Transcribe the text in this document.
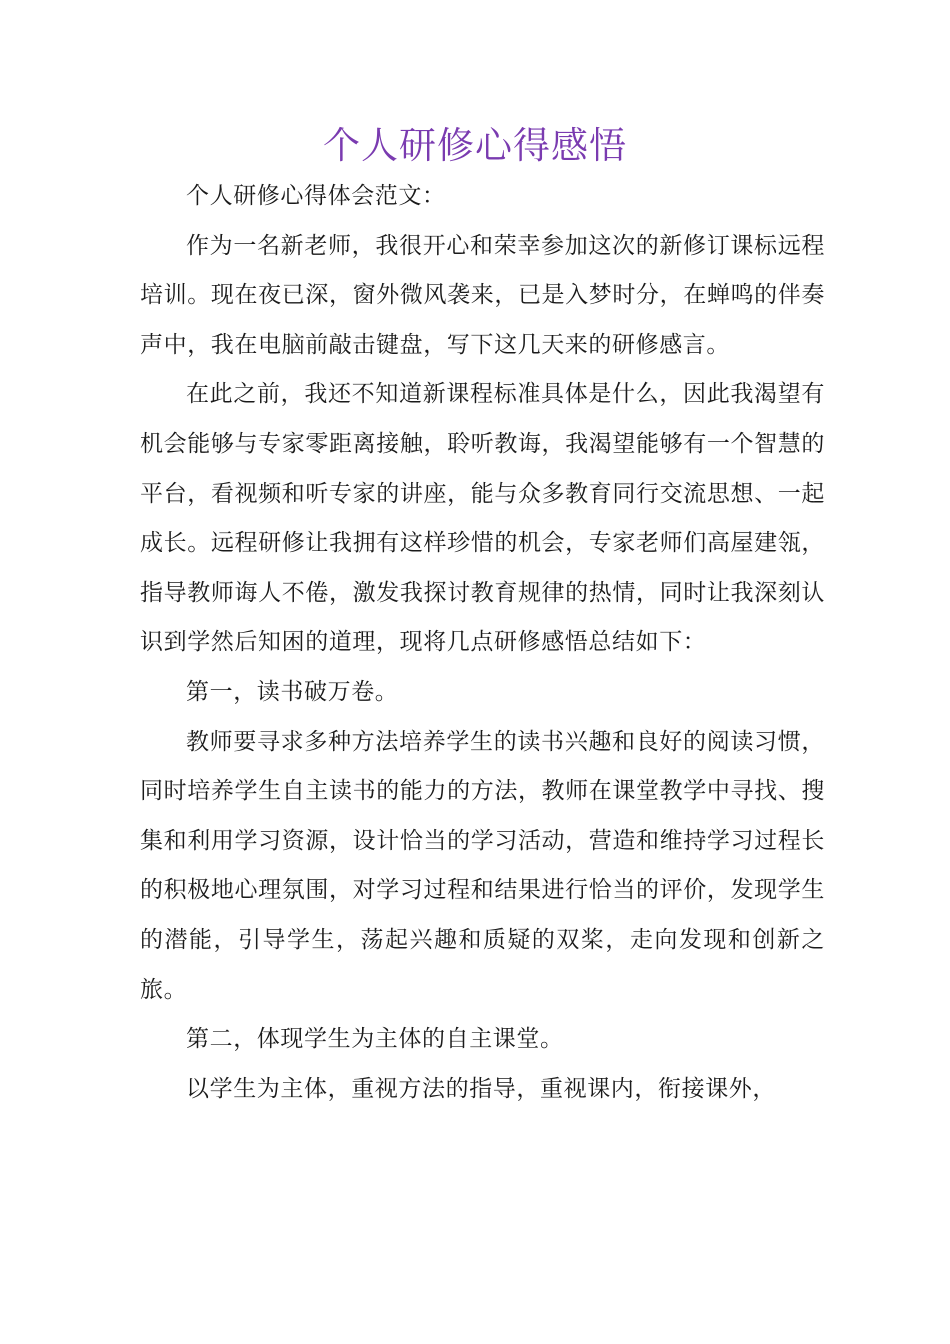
个人研修心得感悟

个人研修心得体会范文：

作为一名新老师，我很开心和荣幸参加这次的新修订课标远程培训。现在夜已深，窗外微风袭来，已是入梦时分，在蝉鸣的伴奏声中，我在电脑前敲击键盘，写下这几天来的研修感言。

在此之前，我还不知道新课程标准具体是什么，因此我渴望有机会能够与专家零距离接触，聆听教诲，我渴望能够有一个智慧的平台，看视频和听专家的讲座，能与众多教育同行交流思想、一起成长。远程研修让我拥有这样珍惜的机会，专家老师们高屋建瓴，指导教师诲人不倦，激发我探讨教育规律的热情，同时让我深刻认识到学然后知困的道理，现将几点研修感悟总结如下：

第一，读书破万卷。

教师要寻求多种方法培养学生的读书兴趣和良好的阅读习惯，同时培养学生自主读书的能力的方法，教师在课堂教学中寻找、搜集和利用学习资源，设计恰当的学习活动，营造和维持学习过程长的积极地心理氛围，对学习过程和结果进行恰当的评价，发现学生的潜能，引导学生，荡起兴趣和质疑的双桨，走向发现和创新之旅。

第二，体现学生为主体的自主课堂。

以学生为主体，重视方法的指导，重视课内，衔接课外，
